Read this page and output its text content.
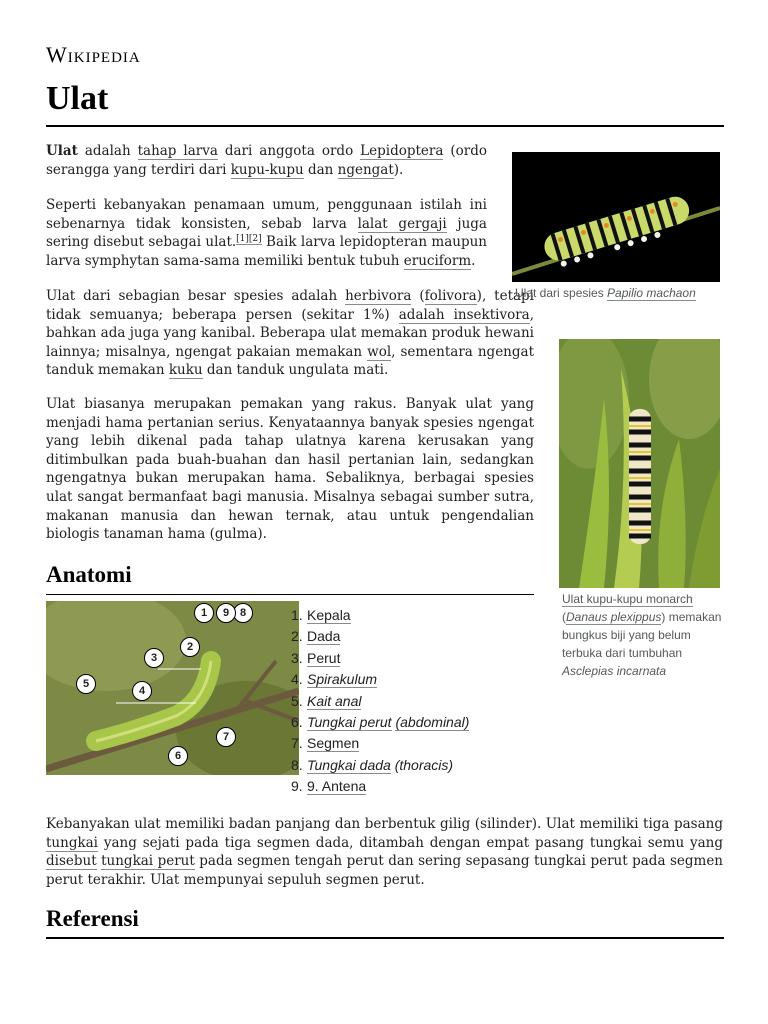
Wikipedia
Ulat

Ulat adalah tahap larva dari anggota ordo Lepidoptera (ordo serangga yang terdiri dari kupu-kupu dan ngengat).

Seperti kebanyakan penamaan umum, penggunaan istilah ini sebenarnya tidak konsisten, sebab larva lalat gergaji juga sering disebut sebagai ulat.[1][2] Baik larva lepidopteran maupun larva symphytan sama-sama memiliki bentuk tubuh eruciform.

Ulat dari sebagian besar spesies adalah herbivora (folivora), tetapi tidak semuanya; beberapa persen (sekitar 1%) adalah insektivora, bahkan ada juga yang kanibal. Beberapa ulat memakan produk hewani lainnya; misalnya, ngengat pakaian memakan wol, sementara ngengat tanduk memakan kuku dan tanduk ungulata mati.

Ulat biasanya merupakan pemakan yang rakus. Banyak ulat yang menjadi hama pertanian serius. Kenyataannya banyak spesies ngengat yang lebih dikenal pada tahap ulatnya karena kerusakan yang ditimbulkan pada buah-buahan dan hasil pertanian lain, sedangkan ngengatnya bukan merupakan hama. Sebaliknya, berbagai spesies ulat sangat bermanfaat bagi manusia. Misalnya sebagai sumber sutra, makanan manusia dan hewan ternak, atau untuk pengendalian biologis tanaman hama (gulma).

Ulat dari spesies Papilio machaon
Ulat kupu-kupu monarch
(Danaus plexippus) memakan bungkus biji yang belum terbuka dari tumbuhan Asclepias incarnata
Anatomi
1
2
3
4
5
6
7
8
9	1. Kepala
2. Dada
3. Perut
4. Spirakulum
5. Kait anal
6. Tungkai perut (abdominal)
7. Segmen
8. Tungkai dada (thoracis)
9. 9. Antena

Kebanyakan ulat memiliki badan panjang dan berbentuk gilig (silinder). Ulat memiliki tiga pasang tungkai yang sejati pada tiga segmen dada, ditambah dengan empat pasang tungkai semu yang disebut tungkai perut pada segmen tengah perut dan sering sepasang tungkai perut pada segmen perut terakhir. Ulat mempunyai sepuluh segmen perut.

Referensi
